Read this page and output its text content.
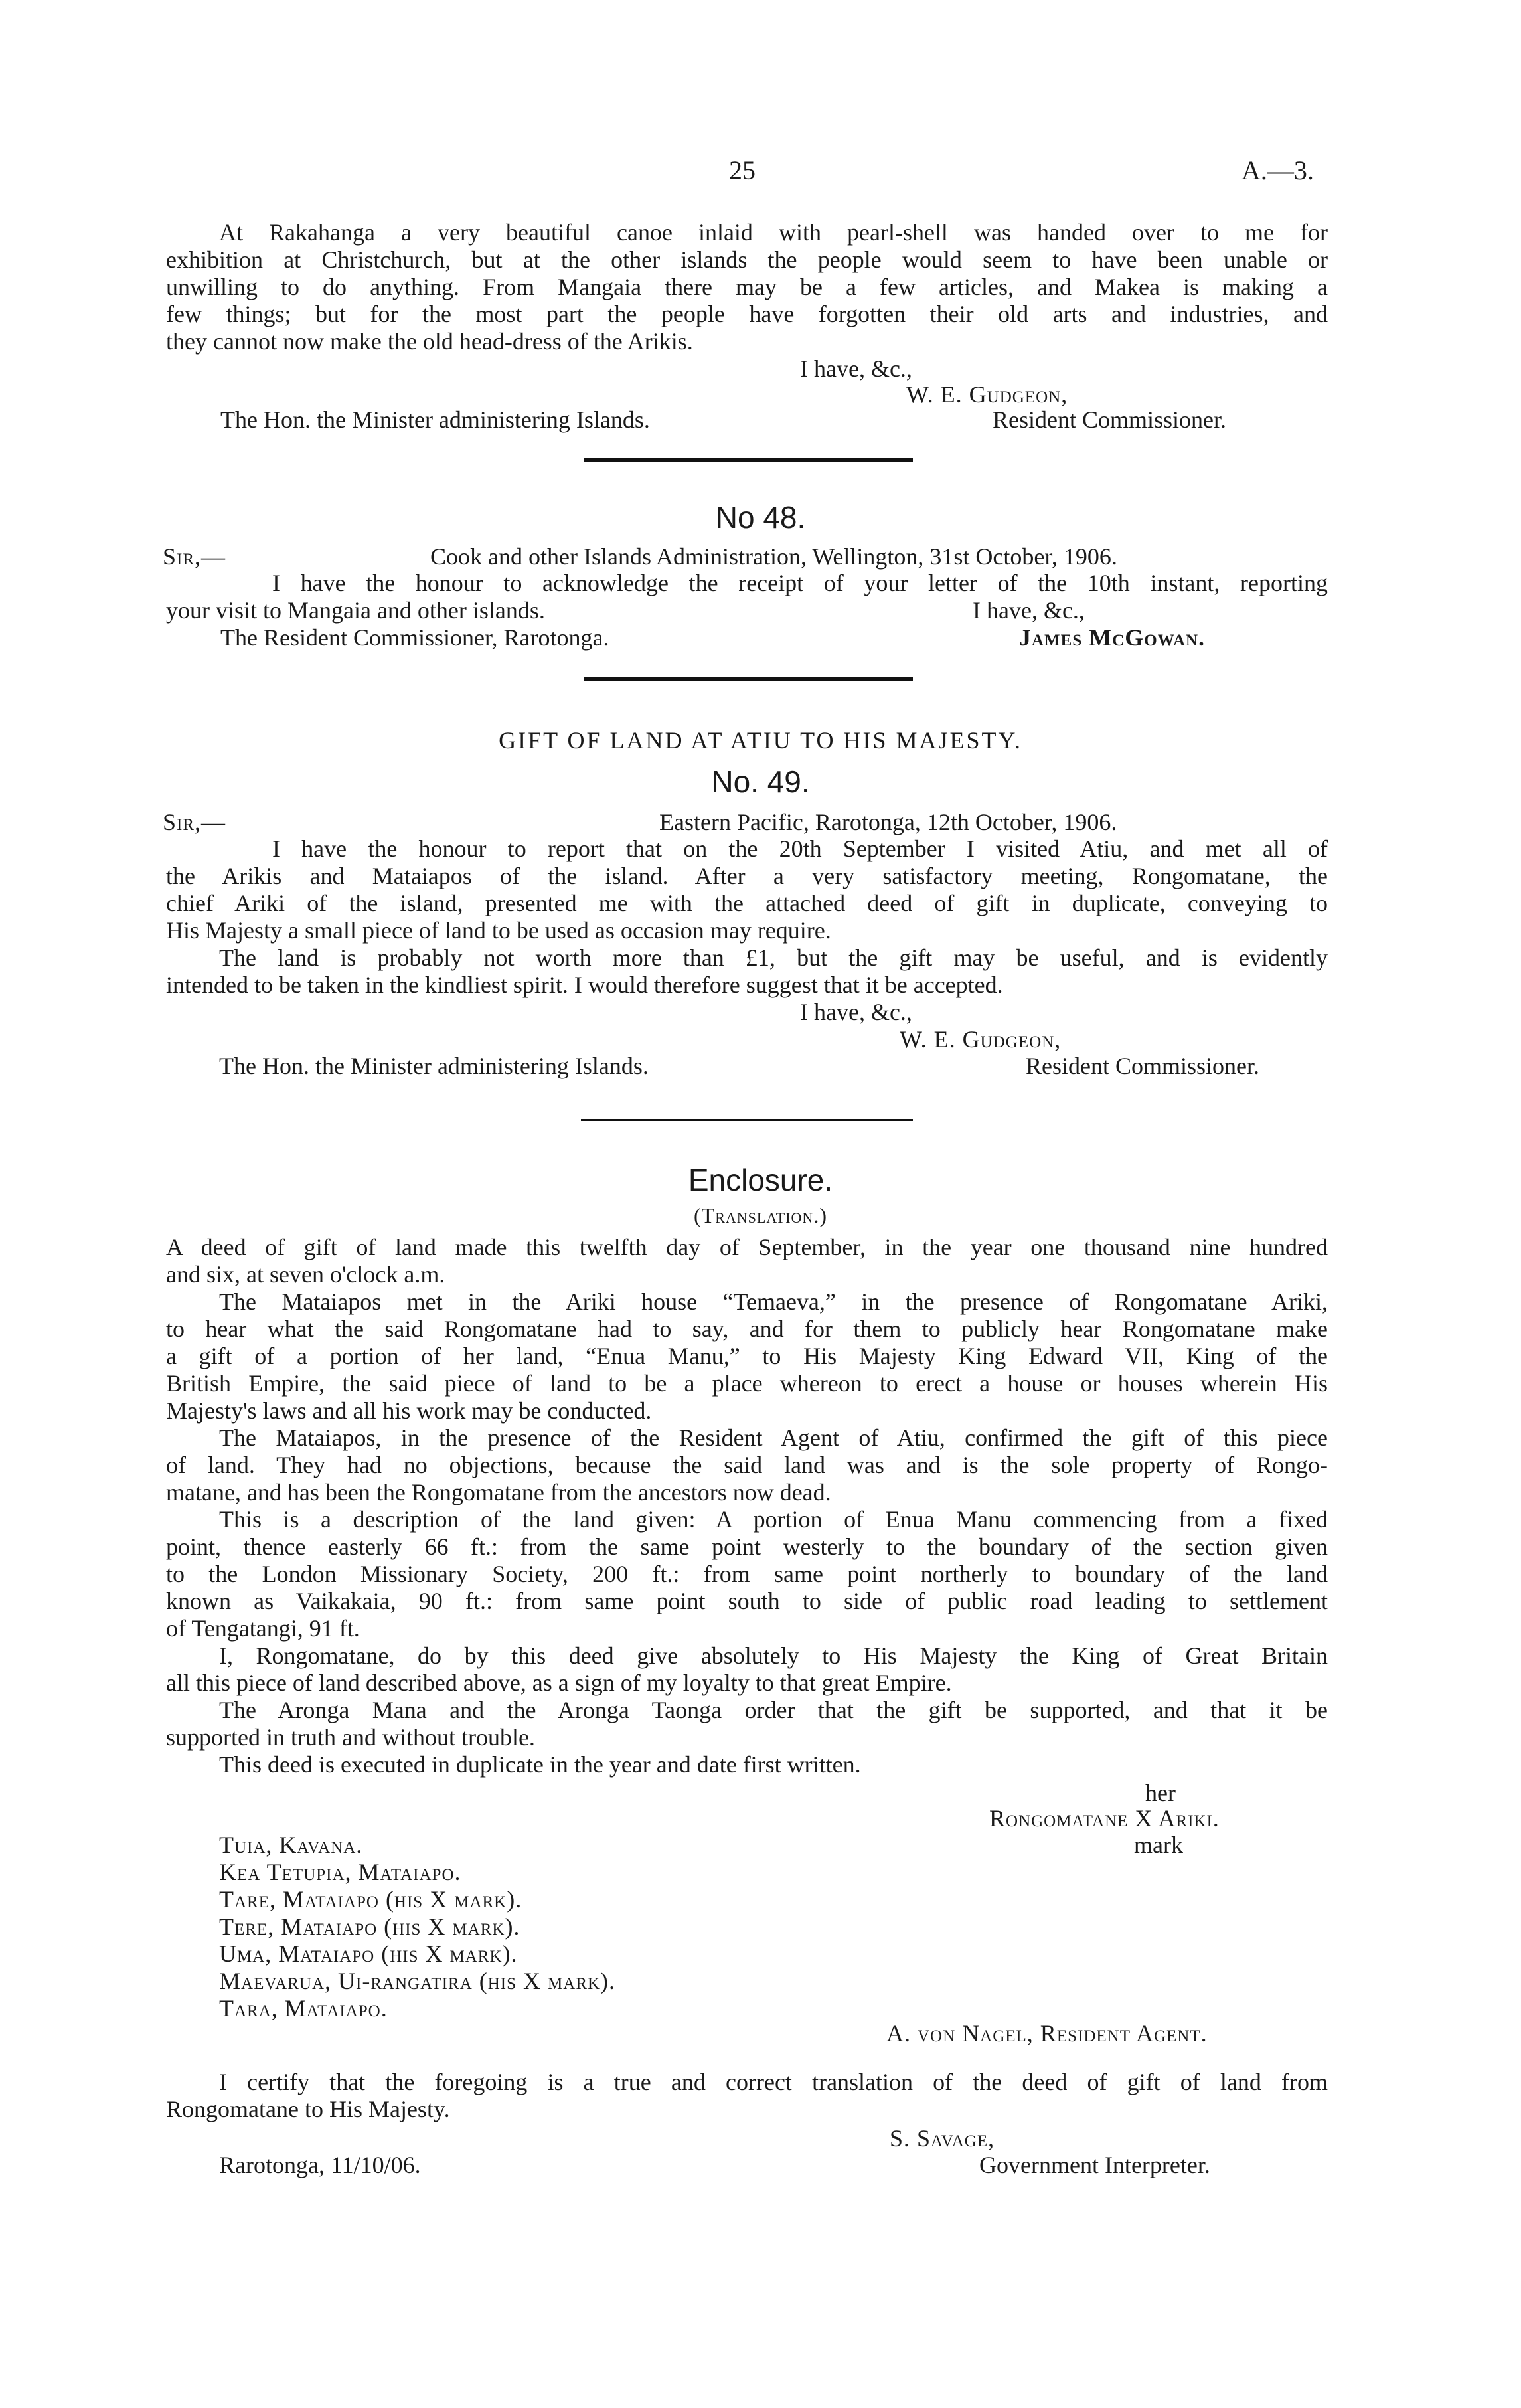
25	A.—3.
At Rakahanga a very beautiful canoe inlaid with pearl-shell was handed over to me for
exhibition at Christchurch, but at the other islands the people would seem to have been unable or
unwilling to do anything. From Mangaia there may be a few articles, and Makea is making a
few things; but for the most part the people have forgotten their old arts and industries, and
they cannot now make the old head-dress of the Arikis.
I have, &c.,
W. E. Gudgeon,
The Hon. the Minister administering Islands.	Resident Commissioner.
No 48.
Sir,—	Cook and other Islands Administration, Wellington, 31st October, 1906.
I have the honour to acknowledge the receipt of your letter of the 10th instant, reporting
your visit to Mangaia and other islands.	I have, &c.,
The Resident Commissioner, Rarotonga.	James McGowan.
GIFT OF LAND AT ATIU TO HIS MAJESTY.
No. 49.
Sir,—	Eastern Pacific, Rarotonga, 12th October, 1906.
I have the honour to report that on the 20th September I visited Atiu, and met all of
the Arikis and Mataiapos of the island. After a very satisfactory meeting, Rongomatane, the
chief Ariki of the island, presented me with the attached deed of gift in duplicate, conveying to
His Majesty a small piece of land to be used as occasion may require.
The land is probably not worth more than £1, but the gift may be useful, and is evidently
intended to be taken in the kindliest spirit. I would therefore suggest that it be accepted.
I have, &c.,
W. E. Gudgeon,
The Hon. the Minister administering Islands.	Resident Commissioner.
Enclosure.
(Translation.)
A deed of gift of land made this twelfth day of September, in the year one thousand nine hundred
and six, at seven o'clock a.m.
The Mataiapos met in the Ariki house “Temaeva,” in the presence of Rongomatane Ariki,
to hear what the said Rongomatane had to say, and for them to publicly hear Rongomatane make
a gift of a portion of her land, “Enua Manu,” to His Majesty King Edward VII, King of the
British Empire, the said piece of land to be a place whereon to erect a house or houses wherein His
Majesty's laws and all his work may be conducted.
The Mataiapos, in the presence of the Resident Agent of Atiu, confirmed the gift of this piece
of land. They had no objections, because the said land was and is the sole property of Rongo-
matane, and has been the Rongomatane from the ancestors now dead.
This is a description of the land given: A portion of Enua Manu commencing from a fixed
point, thence easterly 66 ft.: from the same point westerly to the boundary of the section given
to the London Missionary Society, 200 ft.: from same point northerly to boundary of the land
known as Vaikakaia, 90 ft.: from same point south to side of public road leading to settlement
of Tengatangi, 91 ft.
I, Rongomatane, do by this deed give absolutely to His Majesty the King of Great Britain
all this piece of land described above, as a sign of my loyalty to that great Empire.
The Aronga Mana and the Aronga Taonga order that the gift be supported, and that it be
supported in truth and without trouble.
This deed is executed in duplicate in the year and date first written.
her
Rongomatane X Ariki.
mark
Tuia, Kavana.
Kea Tetupia, Mataiapo.
Tare, Mataiapo (his X mark).
Tere, Mataiapo (his X mark).
Uma, Mataiapo (his X mark).
Maevarua, Ui-rangatira (his X mark).
Tara, Mataiapo.
A. von Nagel, Resident Agent.
I certify that the foregoing is a true and correct translation of the deed of gift of land from
Rongomatane to His Majesty.
S. Savage,
Rarotonga, 11/10/06.	Government Interpreter.
